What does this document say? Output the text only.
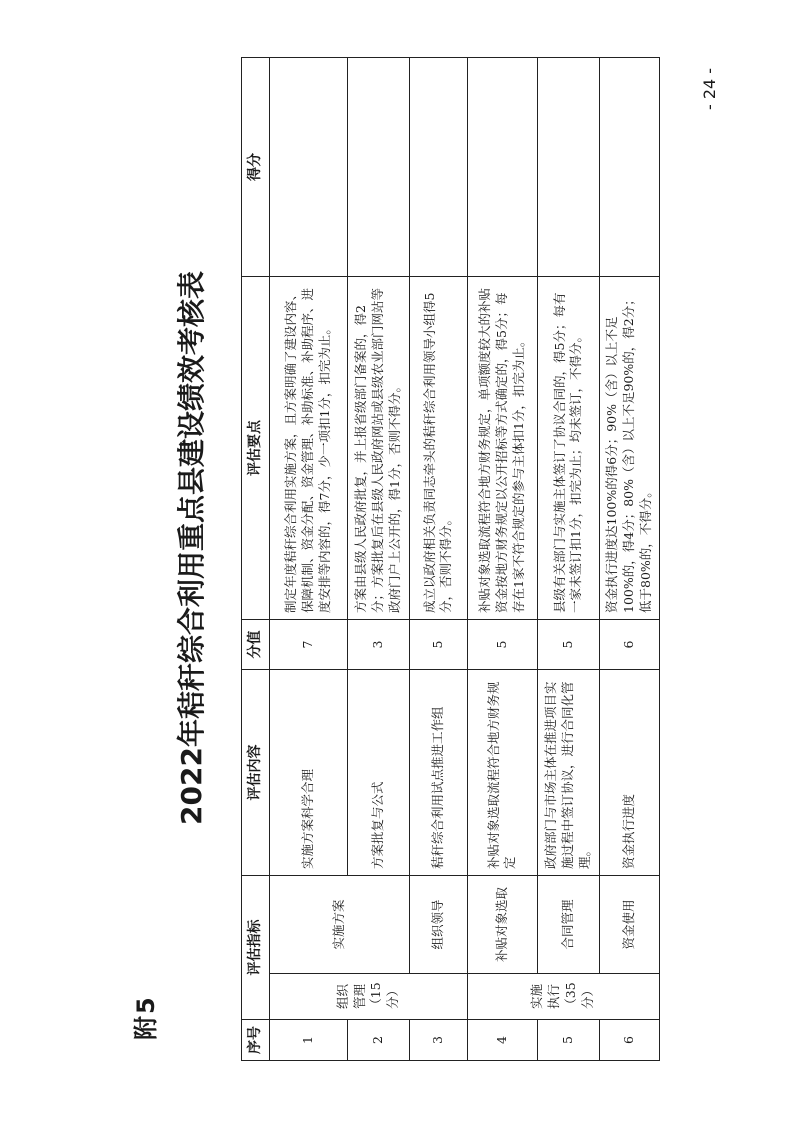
附5
2022年秸秆综合利用重点县建设绩效考核表
序号	评估指标		评估内容	分值	评估要点	得分
1	组织管理（15分）	实施方案	实施方案科学合理	7	制定年度秸秆综合利用实施方案，且方案明确了建设内容、保障机制、资金分配、资金管理、补助标准、补助程序、进度安排等内容的，得7分，少一项扣1分，扣完为止。	
2			方案批复与公式	3	方案由县级人民政府批复，并上报省级部门备案的，得2分；方案批复后在县级人民政府网站或县级农业部门网站等政府门户上公开的，得1分，否则不得分。	
3		组织领导	秸秆综合利用试点推进工作组	5	成立以政府相关负责同志牵头的秸秆综合利用领导小组得5分，否则不得分。	
4	实施执行（35分）	补贴对象选取	补贴对象选取流程符合地方财务规定	5	补贴对象选取流程符合地方财务规定，单项额度较大的补贴资金按地方财务规定以公开招标等方式确定的，得5分；每存在1家不符合规定的参与主体扣1分，扣完为止。	
5		合同管理	政府部门与市场主体在推进项目实施过程中签订协议，进行合同化管理。	5	县级有关部门与实施主体签订了协议合同的，得5分；每有一家未签订扣1分，扣完为止；均未签订，不得分。	
6		资金使用	资金执行进度	6	资金执行进度达100%的得6分；90%（含）以上不足100%的，得4分；80%（含）以上不足90%的，得2分；低于80%的，不得分。	
- 24 -
